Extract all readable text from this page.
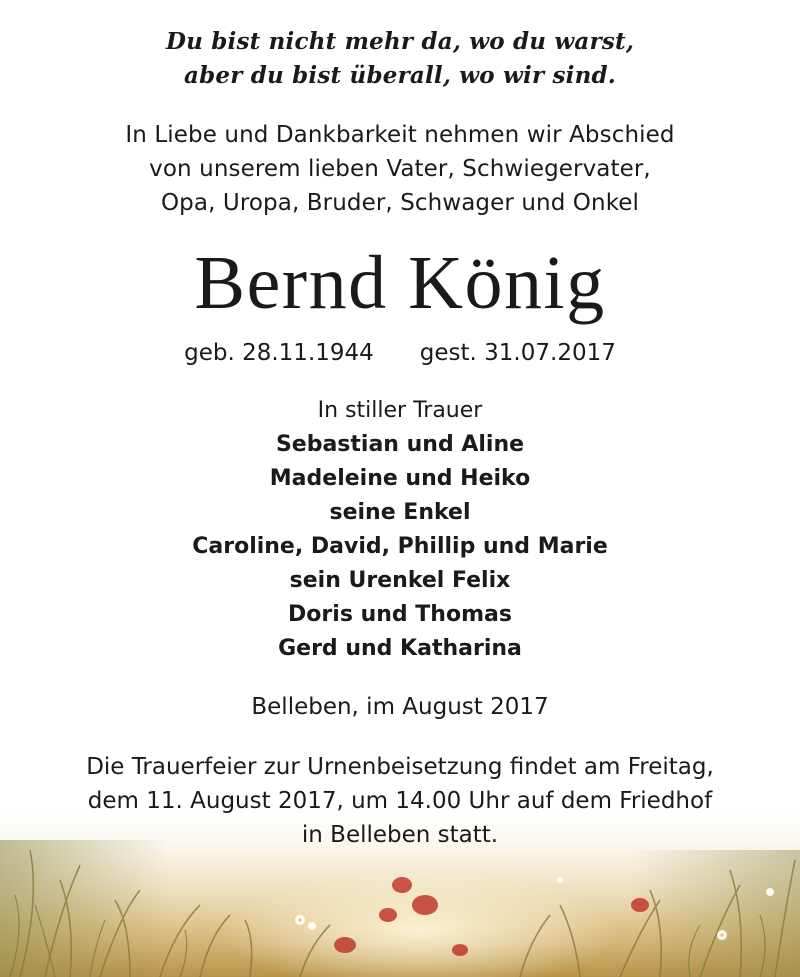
Du bist nicht mehr da, wo du warst,
aber du bist überall, wo wir sind.
In Liebe und Dankbarkeit nehmen wir Abschied
von unserem lieben Vater, Schwiegervater,
Opa, Uropa, Bruder, Schwager und Onkel
Bernd König
geb. 28.11.1944 gest. 31.07.2017
In stiller Trauer
Sebastian und Aline
Madeleine und Heiko
seine Enkel
Caroline, David, Phillip und Marie
sein Urenkel Felix
Doris und Thomas
Gerd und Katharina
Belleben, im August 2017
Die Trauerfeier zur Urnenbeisetzung findet am Freitag,
dem 11. August 2017, um 14.00 Uhr auf dem Friedhof
in Belleben statt.
